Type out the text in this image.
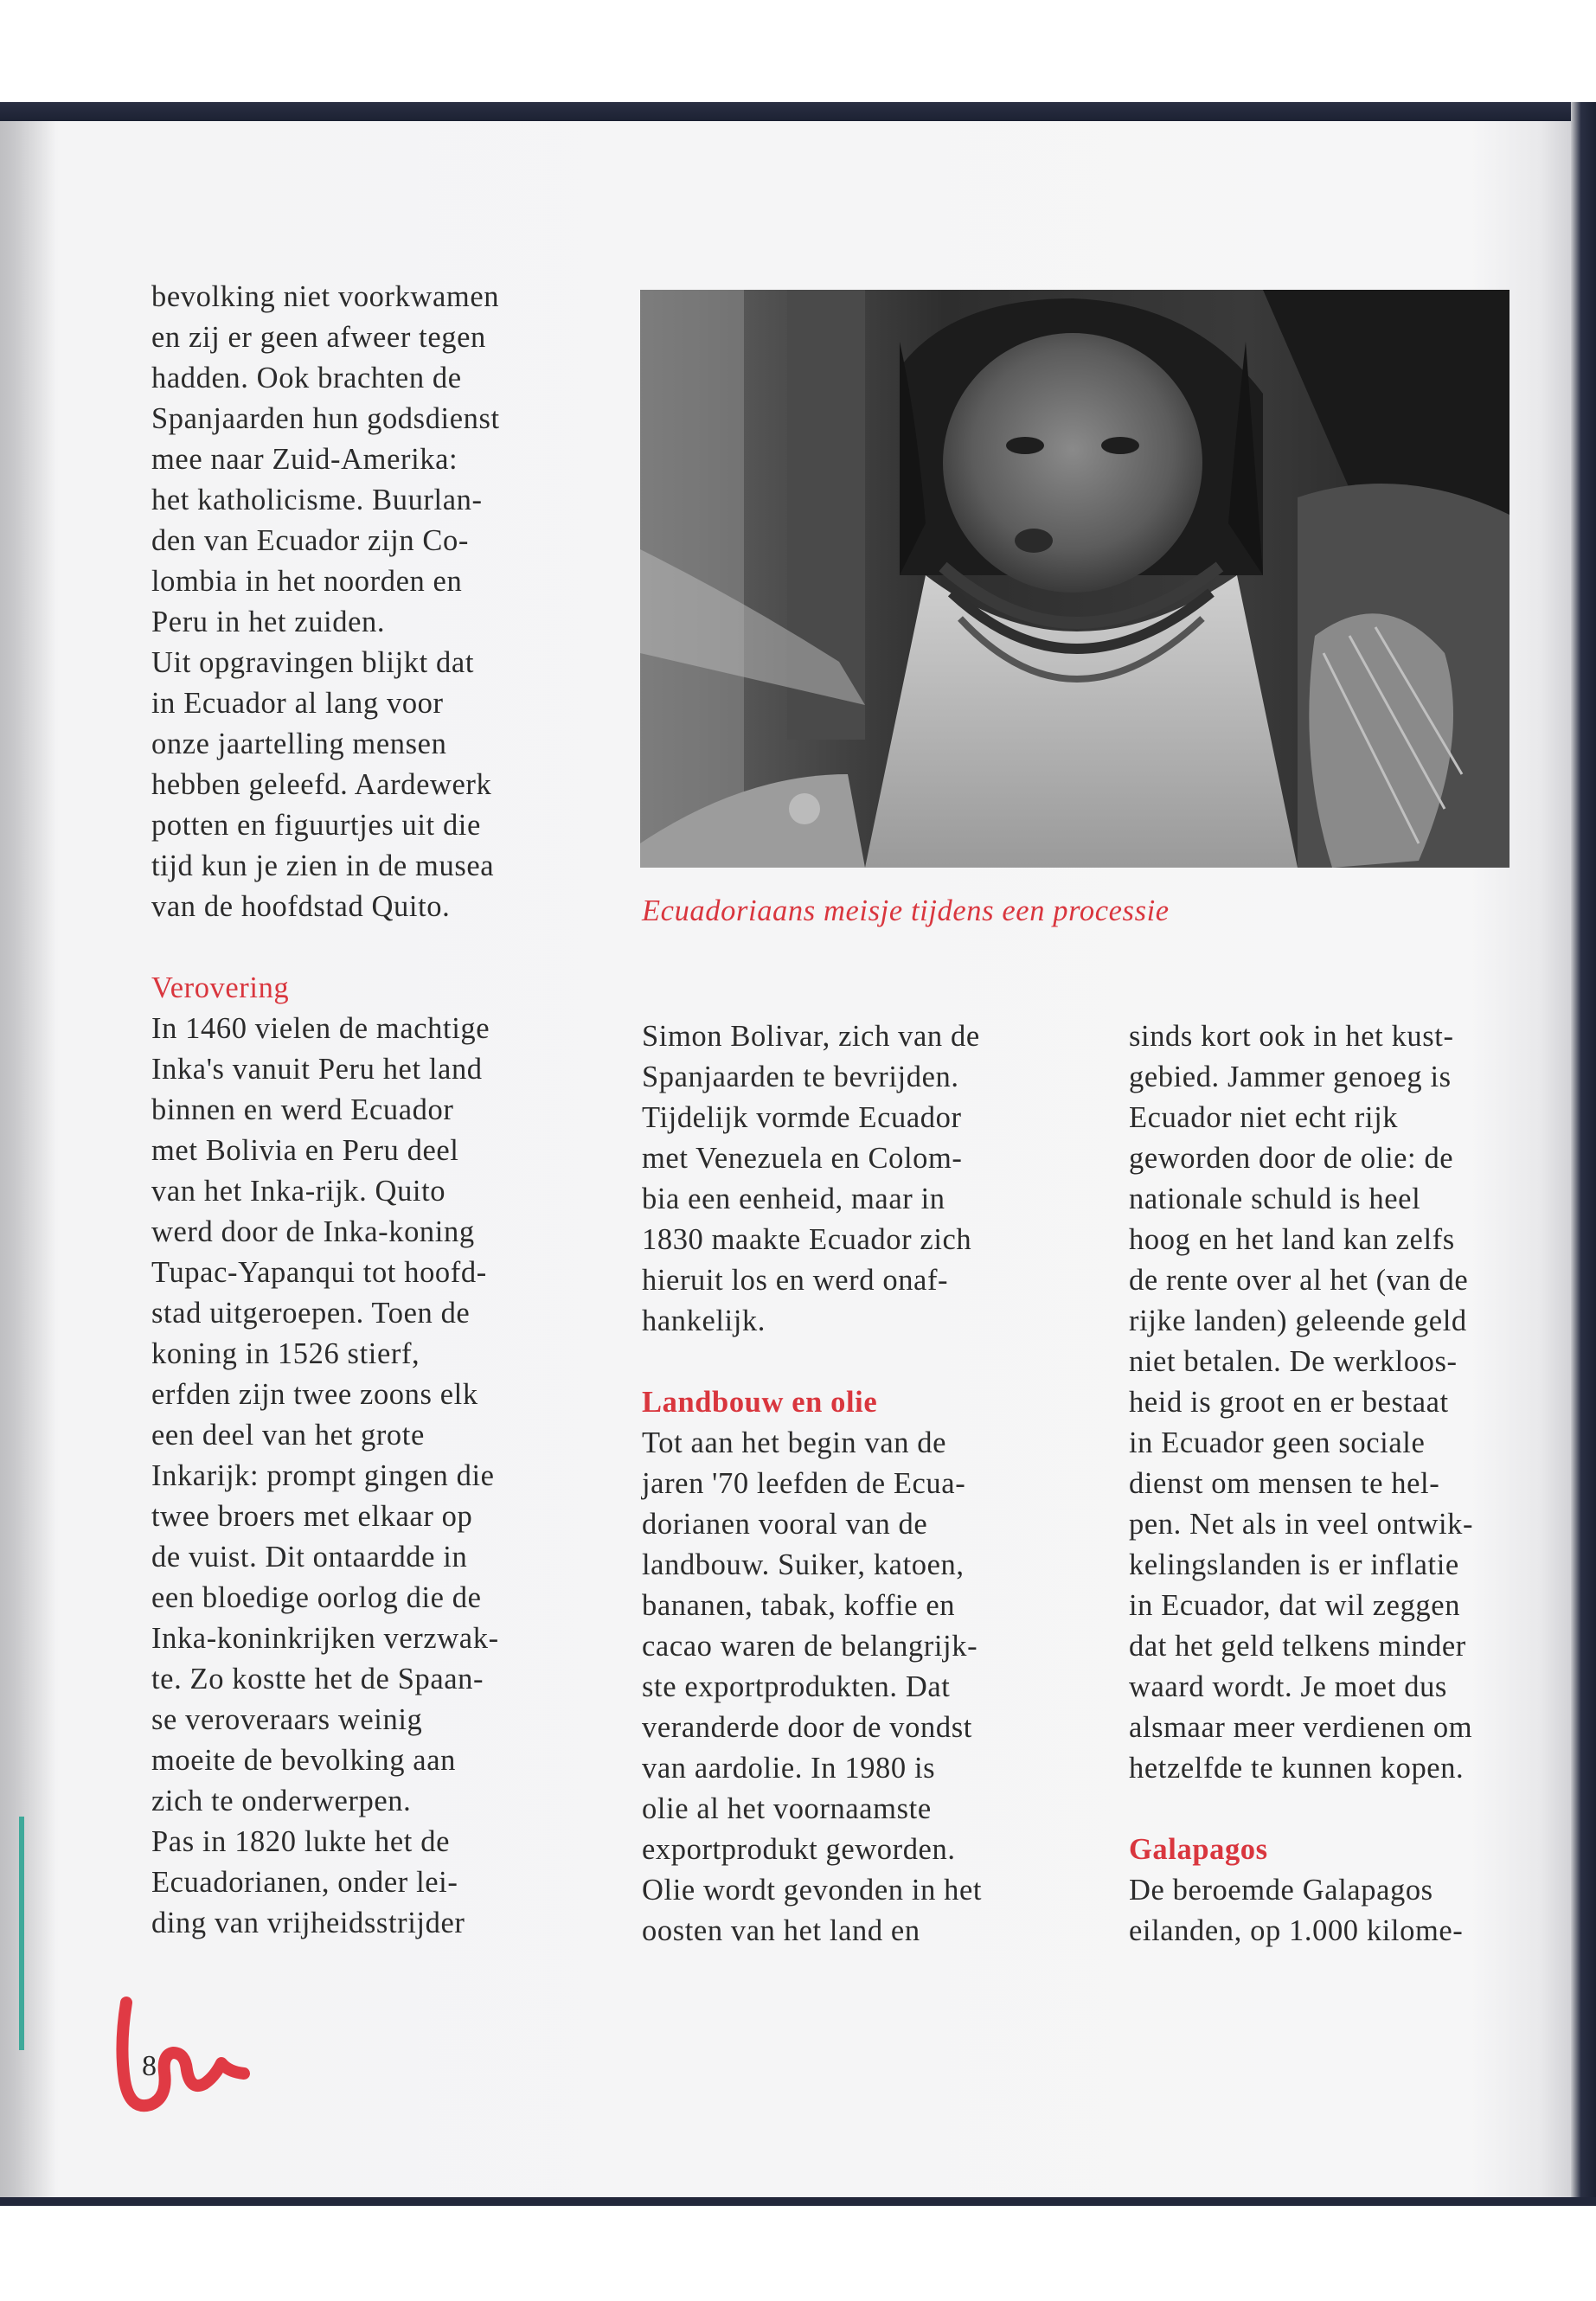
bevolking niet voorkwamen
en zij er geen afweer tegen
hadden. Ook brachten de
Spanjaarden hun godsdienst
mee naar Zuid-Amerika:
het katholicisme. Buurlan-
den van Ecuador zijn Co-
lombia in het noorden en
Peru in het zuiden.
Uit opgravingen blijkt dat
in Ecuador al lang voor
onze jaartelling mensen
hebben geleefd. Aardewerk
potten en figuurtjes uit die
tijd kun je zien in de musea
van de hoofdstad Quito.
Verovering
In 1460 vielen de machtige
Inka's vanuit Peru het land
binnen en werd Ecuador
met Bolivia en Peru deel
van het Inka-rijk. Quito
werd door de Inka-koning
Tupac-Yapanqui tot hoofd-
stad uitgeroepen. Toen de
koning in 1526 stierf,
erfden zijn twee zoons elk
een deel van het grote
Inkarijk: prompt gingen die
twee broers met elkaar op
de vuist. Dit ontaardde in
een bloedige oorlog die de
Inka-koninkrijken verzwak-
te. Zo kostte het de Spaan-
se veroveraars weinig
moeite de bevolking aan
zich te onderwerpen.
Pas in 1820 lukte het de
Ecuadorianen, onder lei-
ding van vrijheidsstrijder
Ecuadoriaans meisje tijdens een processie
Simon Bolivar, zich van de
Spanjaarden te bevrijden.
Tijdelijk vormde Ecuador
met Venezuela en Colom-
bia een eenheid, maar in
1830 maakte Ecuador zich
hieruit los en werd onaf-
hankelijk.
Landbouw en olie
Tot aan het begin van de
jaren '70 leefden de Ecua-
dorianen vooral van de
landbouw. Suiker, katoen,
bananen, tabak, koffie en
cacao waren de belangrijk-
ste exportprodukten. Dat
veranderde door de vondst
van aardolie. In 1980 is
olie al het voornaamste
exportprodukt geworden.
Olie wordt gevonden in het
oosten van het land en
sinds kort ook in het kust-
gebied. Jammer genoeg is
Ecuador niet echt rijk
geworden door de olie: de
nationale schuld is heel
hoog en het land kan zelfs
de rente over al het (van de
rijke landen) geleende geld
niet betalen. De werkloos-
heid is groot en er bestaat
in Ecuador geen sociale
dienst om mensen te hel-
pen. Net als in veel ontwik-
kelingslanden is er inflatie
in Ecuador, dat wil zeggen
dat het geld telkens minder
waard wordt. Je moet dus
alsmaar meer verdienen om
hetzelfde te kunnen kopen.
Galapagos
De beroemde Galapagos
eilanden, op 1.000 kilome-
8
